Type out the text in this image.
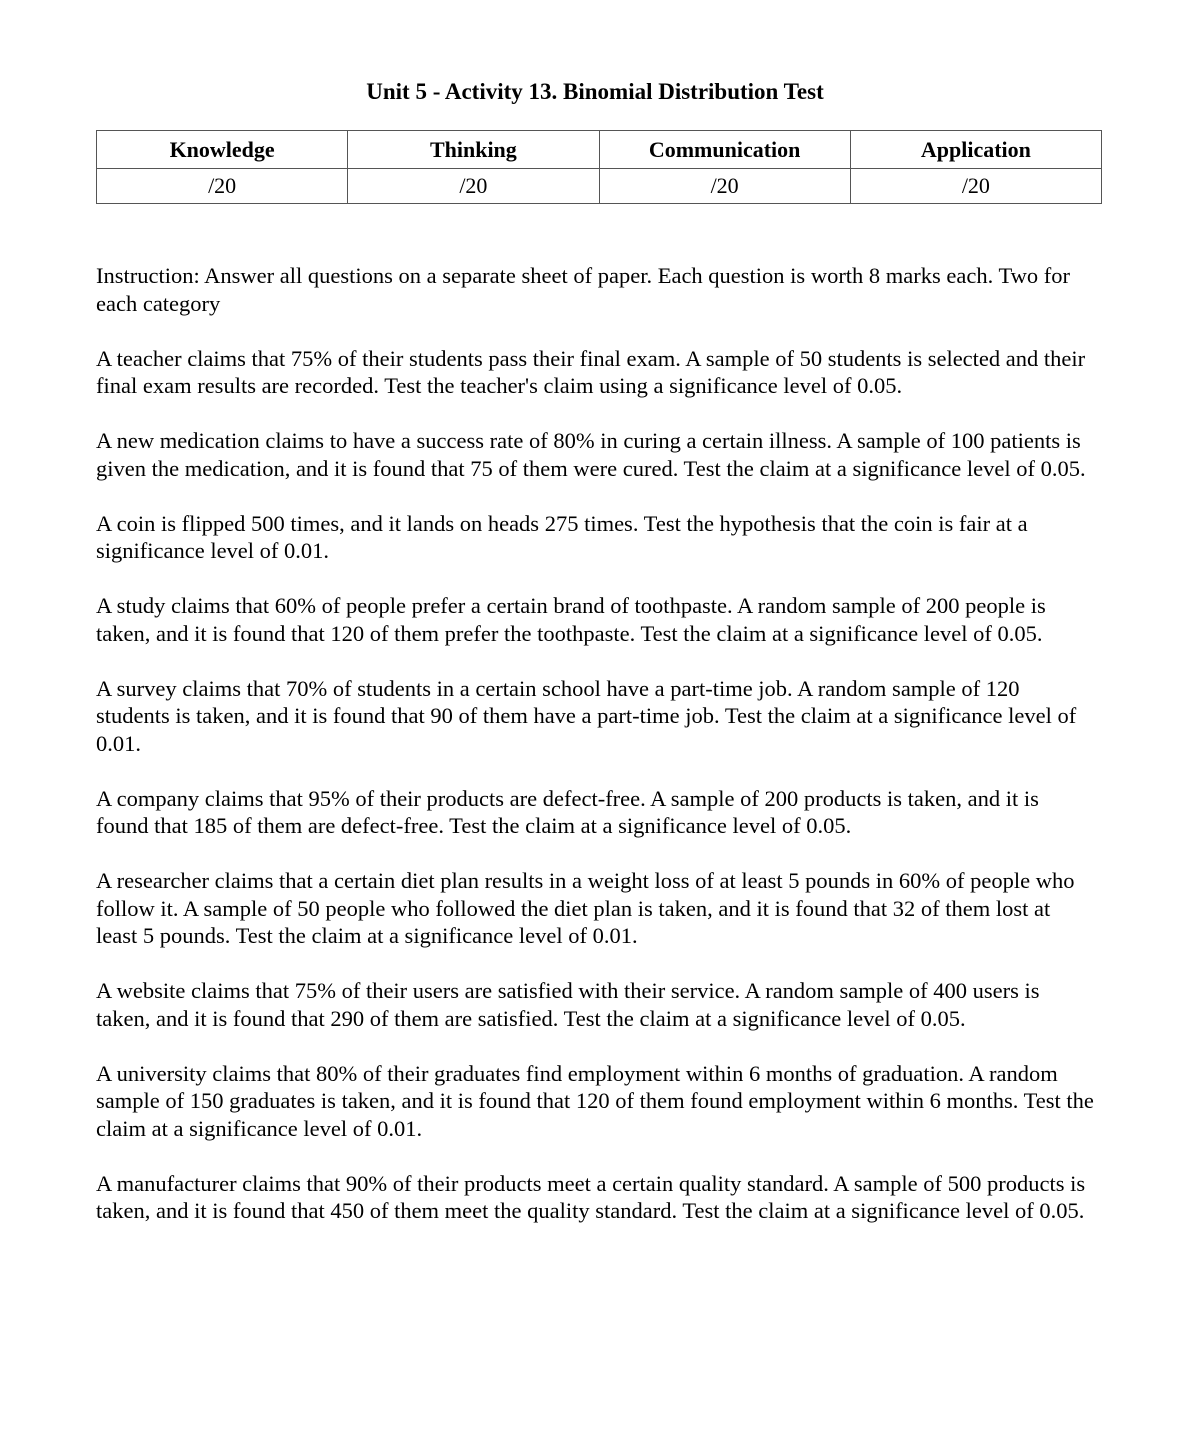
Unit 5 - Activity 13. Binomial Distribution Test
Knowledge	Thinking	Communication	Application
/20	/20	/20	/20

Instruction: Answer all questions on a separate sheet of paper. Each question is worth 8 marks each. Two for each category

A teacher claims that 75% of their students pass their final exam. A sample of 50 students is selected and their final exam results are recorded. Test the teacher's claim using a significance level of 0.05.

A new medication claims to have a success rate of 80% in curing a certain illness. A sample of 100 patients is given the medication, and it is found that 75 of them were cured. Test the claim at a significance level of 0.05.

A coin is flipped 500 times, and it lands on heads 275 times. Test the hypothesis that the coin is fair at a significance level of 0.01.

A study claims that 60% of people prefer a certain brand of toothpaste. A random sample of 200 people is taken, and it is found that 120 of them prefer the toothpaste. Test the claim at a significance level of 0.05.

A survey claims that 70% of students in a certain school have a part-time job. A random sample of 120 students is taken, and it is found that 90 of them have a part-time job. Test the claim at a significance level of 0.01.

A company claims that 95% of their products are defect-free. A sample of 200 products is taken, and it is found that 185 of them are defect-free. Test the claim at a significance level of 0.05.

A researcher claims that a certain diet plan results in a weight loss of at least 5 pounds in 60% of people who follow it. A sample of 50 people who followed the diet plan is taken, and it is found that 32 of them lost at least 5 pounds. Test the claim at a significance level of 0.01.

A website claims that 75% of their users are satisfied with their service. A random sample of 400 users is taken, and it is found that 290 of them are satisfied. Test the claim at a significance level of 0.05.

A university claims that 80% of their graduates find employment within 6 months of graduation. A random sample of 150 graduates is taken, and it is found that 120 of them found employment within 6 months. Test the claim at a significance level of 0.01.

A manufacturer claims that 90% of their products meet a certain quality standard. A sample of 500 products is taken, and it is found that 450 of them meet the quality standard. Test the claim at a significance level of 0.05.
